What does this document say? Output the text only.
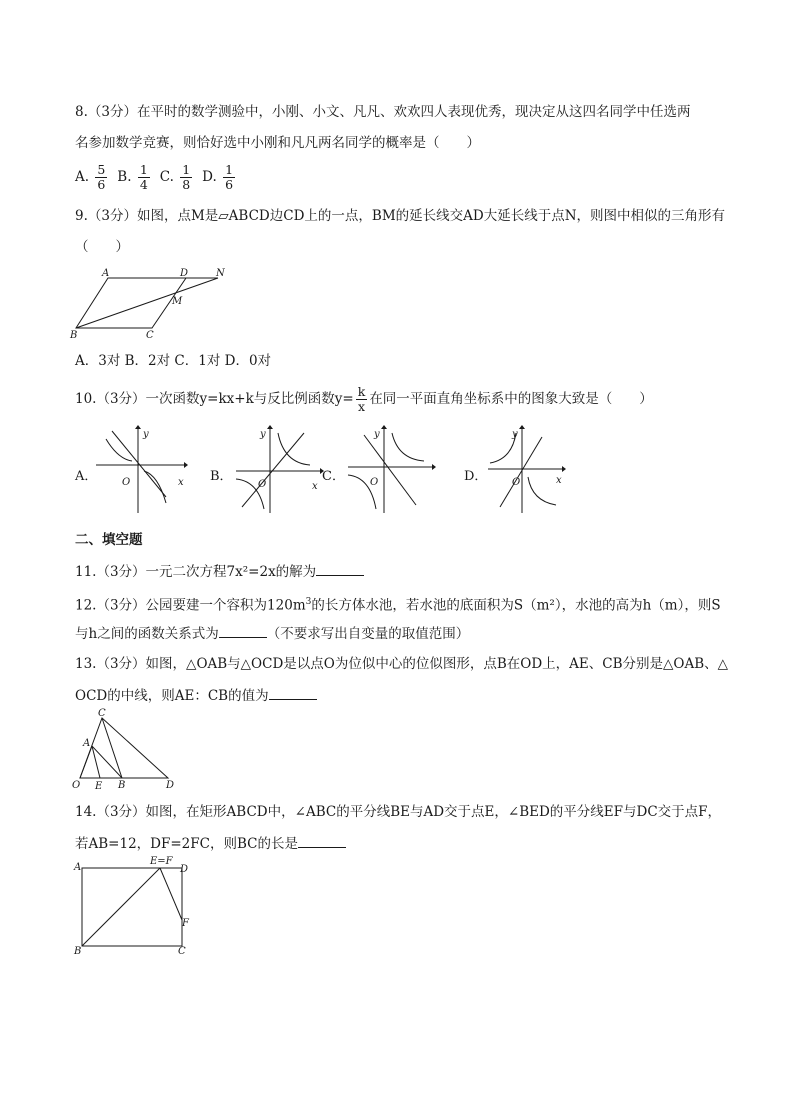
8.（3分）在平时的数学测验中，小刚、小文、凡凡、欢欢四人表现优秀，现决定从这四名同学中任选两
名参加数学竞赛，则恰好选中小刚和凡凡两名同学的概率是（　　）
A. $\frac{5}{6} B$. $\frac{1}{4} C$. $\frac{1}{8} D$. $\frac{1}{6}$
9.（3分）如图，点M是▱ABCD边CD上的一点，BM的延长线交AD大延长线于点N，则图中相似的三角形有
（　　）
A	D	N
M
B	C
A．3对 B．2对 C．1对 D．0对
10.（3分）一次函数y=kx+k与反比例函数$y= \frac{k}{x}$ 在同一平面直角坐标系中的图象大致是（　　）
A．
y
x
O	B．
y
x
O
C．
y
O	D．
y
x
O
二、填空题
11.（3分）一元二次方程7x²=2x的解为
12.（3分）公园要建一个容积为$120m^3$的长方体水池，若水池的底面积为S（m²），水池的高为h（m），则S
与h之间的函数关系式为	（不要求写出自变量的取值范围）
13.（3分）如图，△OAB与△OCD是以点O为位似中心的位似图形，点B在OD上，AE、CB分别是△OAB、△
OCD的中线，则AE：CB的值为
C
A
O E B	D
14.（3分）如图，在矩形ABCD中，∠ABC的平分线BE与AD交于点E，∠BED的平分线EF与DC交于点F，
若AB=12，DF=2FC，则BC的长是
A
E=F
D
F
B	C
